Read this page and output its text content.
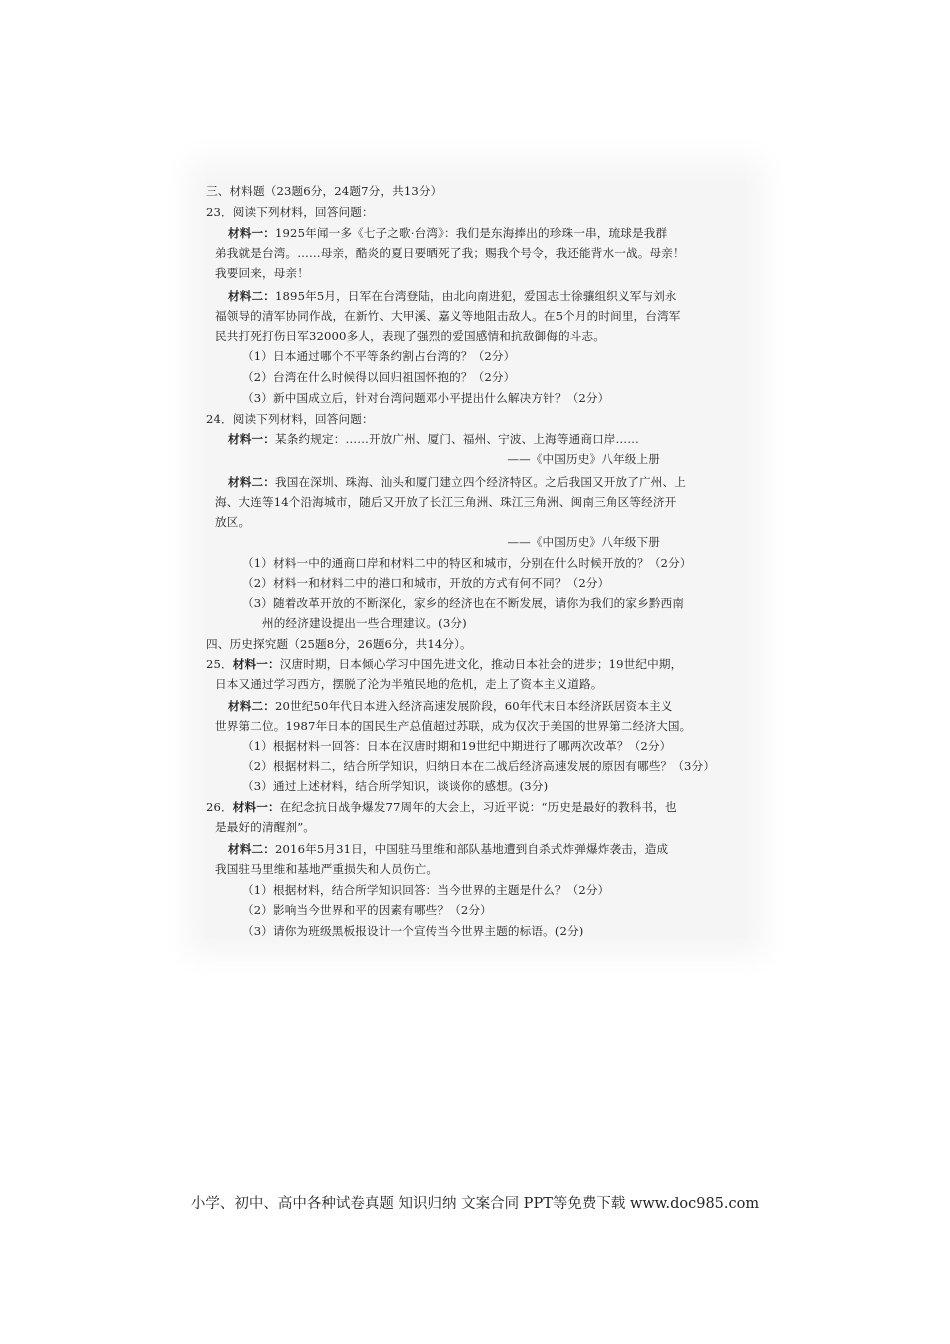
三、材料题（23题6分，24题7分，共13分）
23．阅读下列材料，回答问题：
材料一：1925年闻一多《七子之歌·台湾》：我们是东海捧出的珍珠一串，琉球是我群
弟我就是台湾。……母亲，酷炎的夏日要晒死了我；赐我个号令，我还能背水一战。母亲！
我要回来，母亲！
材料二：1895年5月，日军在台湾登陆，由北向南进犯，爱国志士徐骧组织义军与刘永
福领导的清军协同作战，在新竹、大甲溪、嘉义等地阻击敌人。在5个月的时间里，台湾军
民共打死打伤日军32000多人，表现了强烈的爱国感情和抗敌御侮的斗志。
（1）日本通过哪个不平等条约割占台湾的？（2分）
（2）台湾在什么时候得以回归祖国怀抱的？（2分）
（3）新中国成立后，针对台湾问题邓小平提出什么解决方针？（2分）
24．阅读下列材料，回答问题：
材料一：某条约规定：……开放广州、厦门、福州、宁波、上海等通商口岸……
——《中国历史》八年级上册
材料二：我国在深圳、珠海、汕头和厦门建立四个经济特区。之后我国又开放了广州、上
海、大连等14个沿海城市，随后又开放了长江三角洲、珠江三角洲、闽南三角区等经济开
放区。
——《中国历史》八年级下册
（1）材料一中的通商口岸和材料二中的特区和城市，分别在什么时候开放的？（2分）
（2）材料一和材料二中的港口和城市，开放的方式有何不同？（2分）
（3）随着改革开放的不断深化，家乡的经济也在不断发展，请你为我们的家乡黔西南
州的经济建设提出一些合理建议。(3分)
四、历史探究题（25题8分，26题6分，共14分）。
25．材料一：汉唐时期，日本倾心学习中国先进文化，推动日本社会的进步；19世纪中期，
日本又通过学习西方，摆脱了沦为半殖民地的危机，走上了资本主义道路。
材料二：20世纪50年代日本进入经济高速发展阶段，60年代末日本经济跃居资本主义
世界第二位。1987年日本的国民生产总值超过苏联，成为仅次于美国的世界第二经济大国。
（1）根据材料一回答：日本在汉唐时期和19世纪中期进行了哪两次改革？（2分）
（2）根据材料二，结合所学知识，归纳日本在二战后经济高速发展的原因有哪些？（3分）
（3）通过上述材料，结合所学知识，谈谈你的感想。(3分)
26．材料一：在纪念抗日战争爆发77周年的大会上，习近平说：“历史是最好的教科书，也
是最好的清醒剂”。
材料二：2016年5月31日，中国驻马里维和部队基地遭到自杀式炸弹爆炸袭击，造成
我国驻马里维和基地严重损失和人员伤亡。
（1）根据材料，结合所学知识回答：当今世界的主题是什么？（2分）
（2）影响当今世界和平的因素有哪些？（2分）
（3）请你为班级黑板报设计一个宣传当今世界主题的标语。(2分)
小学、初中、高中各种试卷真题 知识归纳 文案合同 PPT等免费下载 www.doc985.com
